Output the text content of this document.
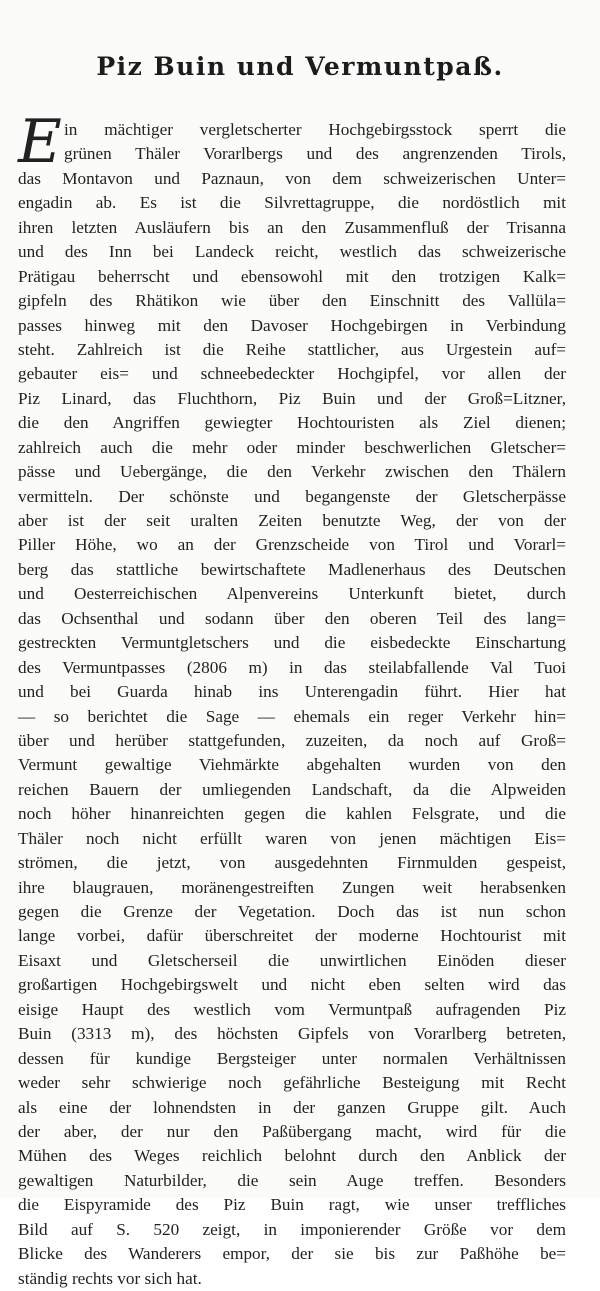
Piz Buin und Vermuntpaß.
E in mächtiger vergletscherter Hochgebirgsstock sperrt die
grünen Thäler Vorarlbergs und des angrenzenden Tirols,
das Montavon und Paznaun, von dem schweizerischen Unter=
engadin ab. Es ist die Silvrettagruppe, die nordöstlich mit
ihren letzten Ausläufern bis an den Zusammenfluß der Trisanna
und des Inn bei Landeck reicht, westlich das schweizerische
Prätigau beherrscht und ebensowohl mit den trotzigen Kalk=
gipfeln des Rhätikon wie über den Einschnitt des Vallüla=
passes hinweg mit den Davoser Hochgebirgen in Verbindung
steht. Zahlreich ist die Reihe stattlicher, aus Urgestein auf=
gebauter eis= und schneebedeckter Hochgipfel, vor allen der
Piz Linard, das Fluchthorn, Piz Buin und der Groß=Litzner,
die den Angriffen gewiegter Hochtouristen als Ziel dienen;
zahlreich auch die mehr oder minder beschwerlichen Gletscher=
pässe und Uebergänge, die den Verkehr zwischen den Thälern
vermitteln. Der schönste und begangenste der Gletscherpässe
aber ist der seit uralten Zeiten benutzte Weg, der von der
Piller Höhe, wo an der Grenzscheide von Tirol und Vorarl=
berg das stattliche bewirtschaftete Madlenerhaus des Deutschen
und Oesterreichischen Alpenvereins Unterkunft bietet, durch
das Ochsenthal und sodann über den oberen Teil des lang=
gestreckten Vermuntgletschers und die eisbedeckte Einschartung
des Vermuntpasses (2806 m) in das steilabfallende Val Tuoi
und bei Guarda hinab ins Unterengadin führt. Hier hat
— so berichtet die Sage — ehemals ein reger Verkehr hin=
über und herüber stattgefunden, zuzeiten, da noch auf Groß=
Vermunt gewaltige Viehmärkte abgehalten wurden von den
reichen Bauern der umliegenden Landschaft, da die Alpweiden
noch höher hinanreichten gegen die kahlen Felsgrate, und die
Thäler noch nicht erfüllt waren von jenen mächtigen Eis=
strömen, die jetzt, von ausgedehnten Firnmulden gespeist,
ihre blaugrauen, moränengestreiften Zungen weit herabsenken
gegen die Grenze der Vegetation. Doch das ist nun schon
lange vorbei, dafür überschreitet der moderne Hochtourist mit
Eisaxt und Gletscherseil die unwirtlichen Einöden dieser
großartigen Hochgebirgswelt und nicht eben selten wird das
eisige Haupt des westlich vom Vermuntpaß aufragenden Piz
Buin (3313 m), des höchsten Gipfels von Vorarlberg betreten,
dessen für kundige Bergsteiger unter normalen Verhältnissen
weder sehr schwierige noch gefährliche Besteigung mit Recht
als eine der lohnendsten in der ganzen Gruppe gilt. Auch
der aber, der nur den Paßübergang macht, wird für die
Mühen des Weges reichlich belohnt durch den Anblick der
gewaltigen Naturbilder, die sein Auge treffen. Besonders
die Eispyramide des Piz Buin ragt, wie unser treffliches
Bild auf S. 520 zeigt, in imponierender Größe vor dem
Blicke des Wanderers empor, der sie bis zur Paßhöhe be=
ständig rechts vor sich hat.
